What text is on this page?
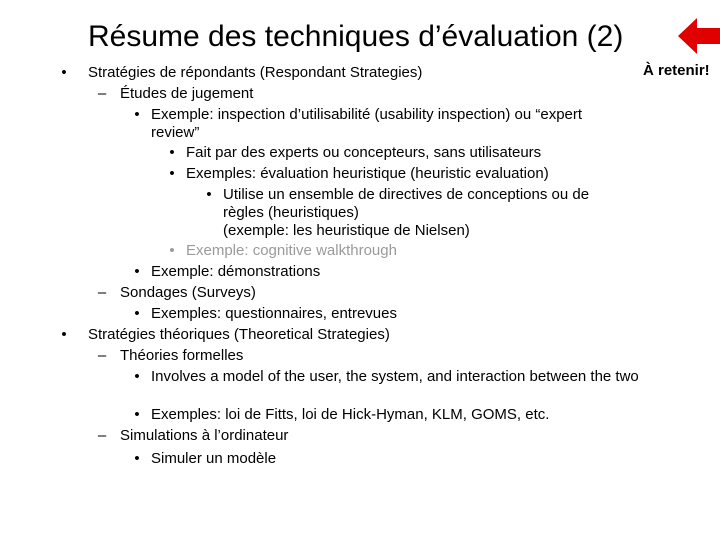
Résume des techniques d’évaluation (2)
À retenir!
• Stratégies de répondants (Respondant Strategies)
– Études de jugement
• Exemple: inspection d’utilisabilité (usability inspection) ou “expert review”
• Fait par des experts ou concepteurs, sans utilisateurs
• Exemples: évaluation heuristique (heuristic evaluation)
• Utilise un ensemble de directives de conceptions ou de règles (heuristiques)
(exemple: les heuristique de Nielsen)
• Exemple: cognitive walkthrough
• Exemple: démonstrations
– Sondages (Surveys)
• Exemples: questionnaires, entrevues
• Stratégies théoriques (Theoretical Strategies)
– Théories formelles
• Involves a model of the user, the system, and interaction between the two
• Exemples: loi de Fitts, loi de Hick-Hyman, KLM, GOMS, etc.
– Simulations à l’ordinateur
• Simuler un modèle
